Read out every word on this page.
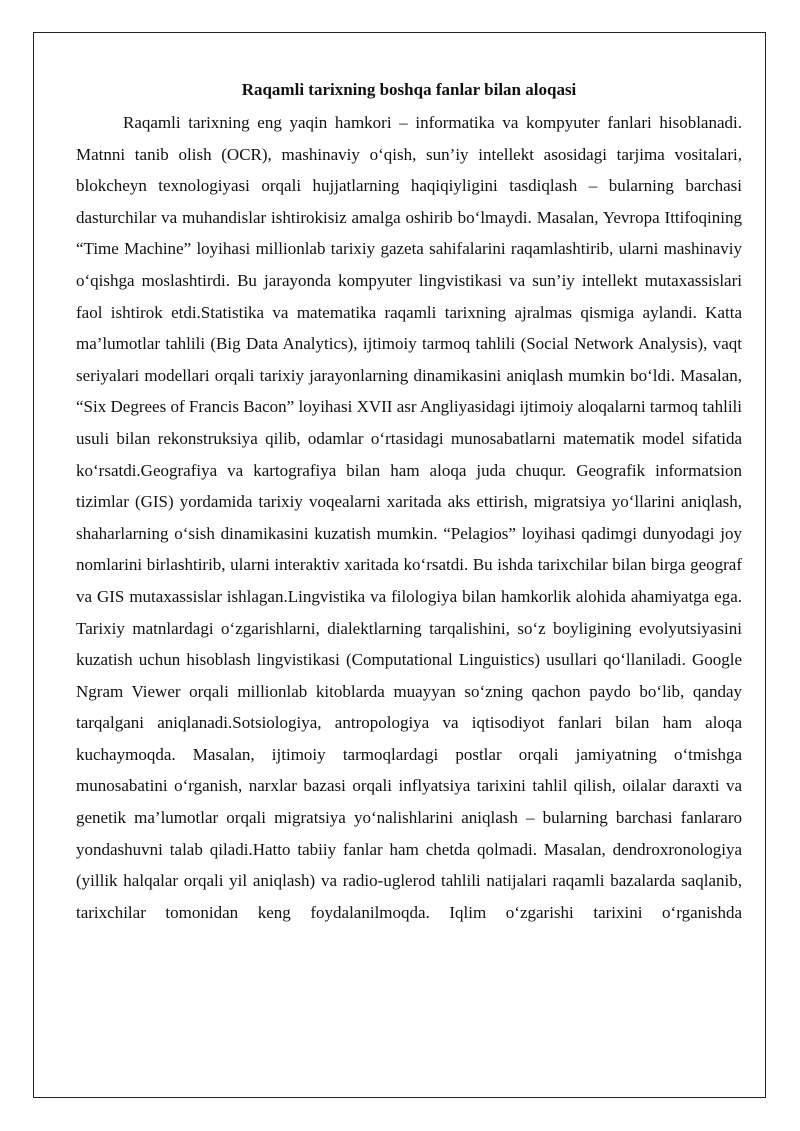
Raqamli tarixning boshqa fanlar bilan aloqasi

Raqamli tarixning eng yaqin hamkori – informatika va kompyuter fanlari hisoblanadi. Matnni tanib olish (OCR), mashinaviy o‘qish, sun’iy intellekt asosidagi tarjima vositalari, blokcheyn texnologiyasi orqali hujjatlarning haqiqiyligini tasdiqlash – bularning barchasi dasturchilar va muhandislar ishtirokisiz amalga oshirib bo‘lmaydi. Masalan, Yevropa Ittifoqining “Time Machine” loyihasi millionlab tarixiy gazeta sahifalarini raqamlashtirib, ularni mashinaviy o‘qishga moslashtirdi. Bu jarayonda kompyuter lingvistikasi va sun’iy intellekt mutaxassislari faol ishtirok etdi.Statistika va matematika raqamli tarixning ajralmas qismiga aylandi. Katta ma’lumotlar tahlili (Big Data Analytics), ijtimoiy tarmoq tahlili (Social Network Analysis), vaqt seriyalari modellari orqali tarixiy jarayonlarning dinamikasini aniqlash mumkin bo‘ldi. Masalan, “Six Degrees of Francis Bacon” loyihasi XVII asr Angliyasidagi ijtimoiy aloqalarni tarmoq tahlili usuli bilan rekonstruksiya qilib, odamlar o‘rtasidagi munosabatlarni matematik model sifatida ko‘rsatdi.Geografiya va kartografiya bilan ham aloqa juda chuqur. Geografik informatsion tizimlar (GIS) yordamida tarixiy voqealarni xaritada aks ettirish, migratsiya yo‘llarini aniqlash, shaharlarning o‘sish dinamikasini kuzatish mumkin. “Pelagios” loyihasi qadimgi dunyodagi joy nomlarini birlashtirib, ularni interaktiv xaritada ko‘rsatdi. Bu ishda tarixchilar bilan birga geograf va GIS mutaxassislar ishlagan.Lingvistika va filologiya bilan hamkorlik alohida ahamiyatga ega. Tarixiy matnlardagi o‘zgarishlarni, dialektlarning tarqalishini, so‘z boyligining evolyutsiyasini kuzatish uchun hisoblash lingvistikasi (Computational Linguistics) usullari qo‘llaniladi. Google Ngram Viewer orqali millionlab kitoblarda muayyan so‘zning qachon paydo bo‘lib, qanday tarqalgani aniqlanadi.Sotsiologiya, antropologiya va iqtisodiyot fanlari bilan ham aloqa kuchaymoqda. Masalan, ijtimoiy tarmoqlardagi postlar orqali jamiyatning o‘tmishga munosabatini o‘rganish, narxlar bazasi orqali inflyatsiya tarixini tahlil qilish, oilalar daraxti va genetik ma’lumotlar orqali migratsiya yo‘nalishlarini aniqlash – bularning barchasi fanlararo yondashuvni talab qiladi.Hatto tabiiy fanlar ham chetda qolmadi. Masalan, dendroxronologiya (yillik halqalar orqali yil aniqlash) va radio-uglerod tahlili natijalari raqamli bazalarda saqlanib, tarixchilar tomonidan keng foydalanilmoqda. Iqlim o‘zgarishi tarixini o‘rganishda
